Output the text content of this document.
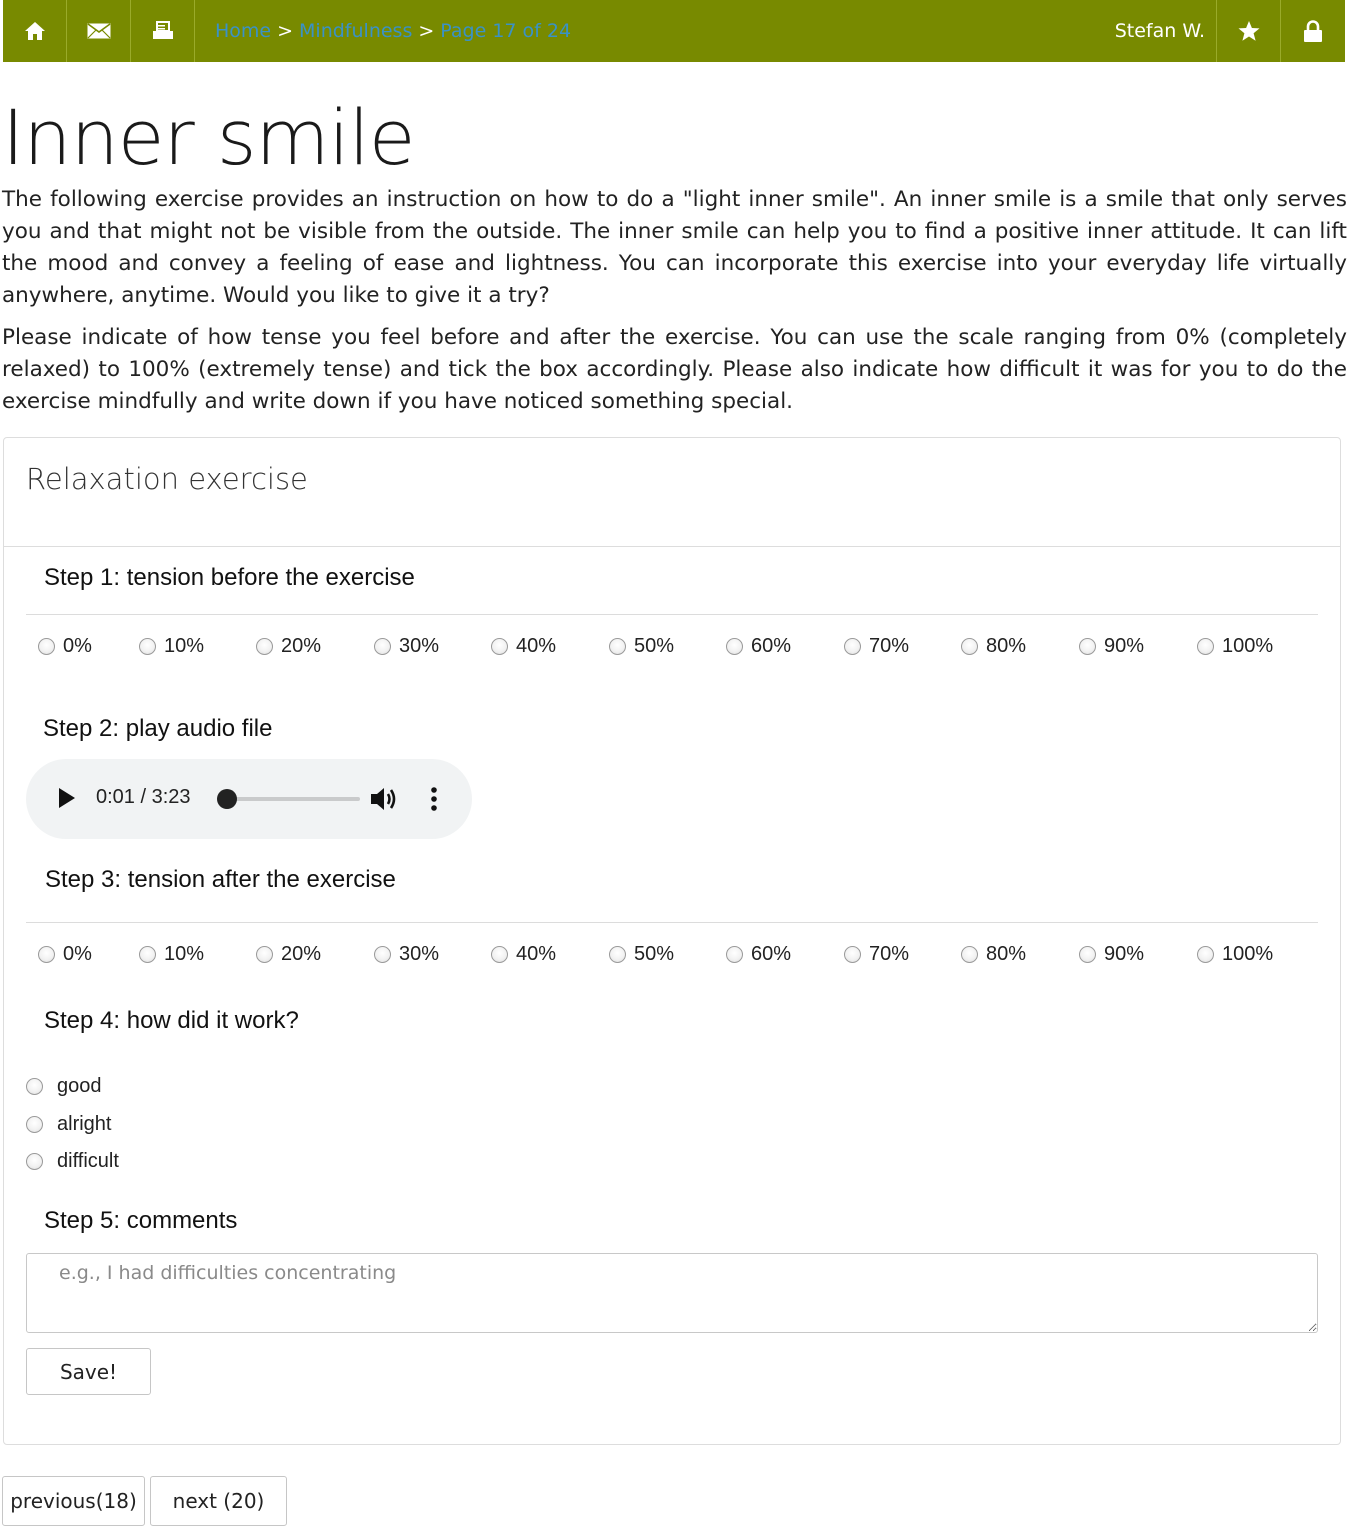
Home > Mindfulness > Page 17 of 24	Stefan W.
Inner smile

The following exercise provides an instruction on how to do a "light inner smile". An inner smile is a smile that only serves you and that might not be visible from the outside. The inner smile can help you to find a positive inner attitude. It can lift the mood and convey a feeling of ease and lightness. You can incorporate this exercise into your everyday life virtually anywhere, anytime. Would you like to give it a try?

Please indicate of how tense you feel before and after the exercise. You can use the scale ranging from 0% (completely relaxed) to 100% (extremely tense) and tick the box accordingly. Please also indicate how difficult it was for you to do the exercise mindfully and write down if you have noticed something special.

Relaxation exercise
Step 1: tension before the exercise
0%	10%	20%	30%	40%	50%	60%	70%	80%	90%	100%
Step 2: play audio file
0:01 / 3:23
Step 3: tension after the exercise
0%	10%	20%	30%	40%	50%	60%	70%	80%	90%	100%
Step 4: how did it work?
good
alright
difficult
Step 5: comments
e.g., I had difficulties concentrating
Save!
previous(18)	next (20)
